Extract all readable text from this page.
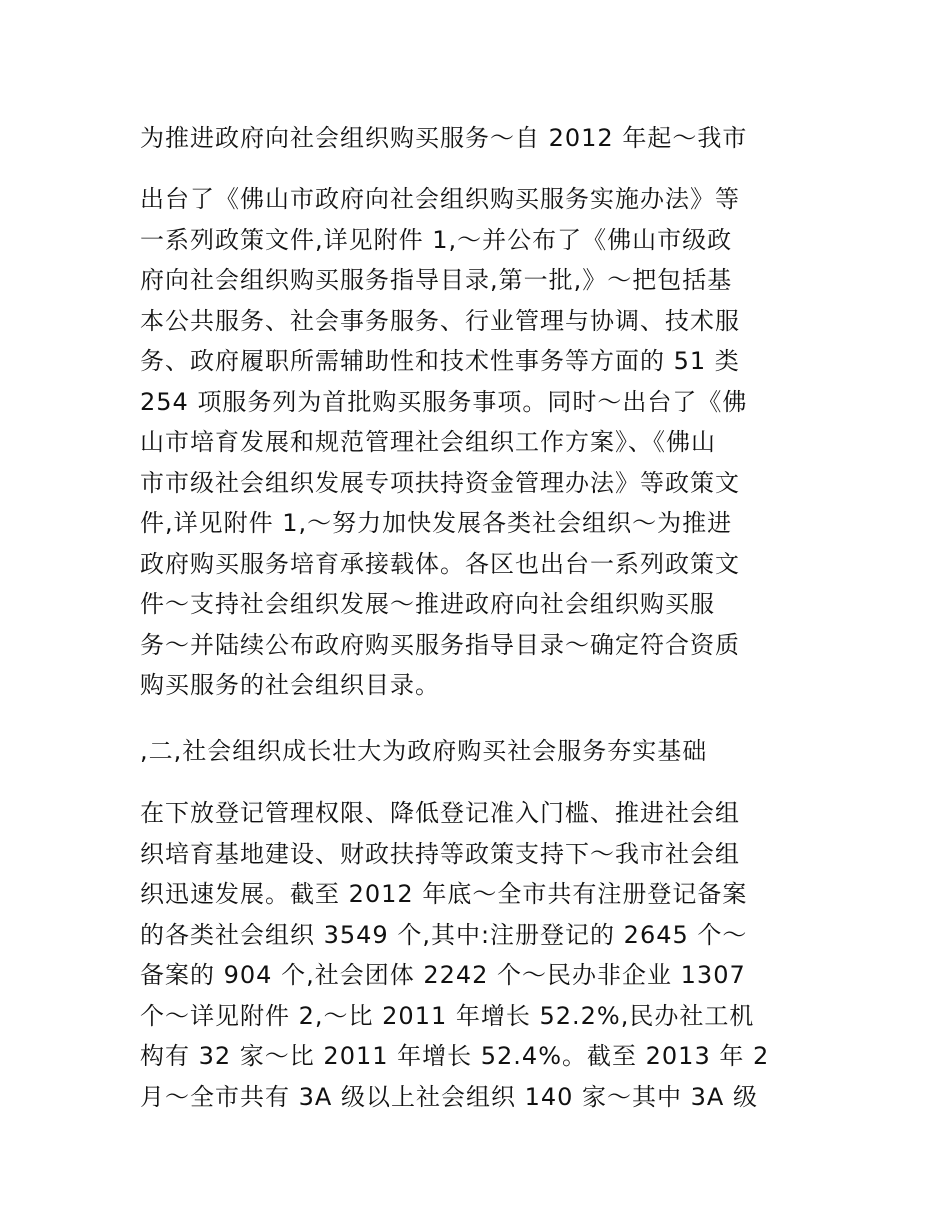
为推进政府向社会组织购买服务～自 2012 年起～我市
出台了《佛山市政府向社会组织购买服务实施办法》等
一系列政策文件,详见附件 1,～并公布了《佛山市级政
府向社会组织购买服务指导目录,第一批,》～把包括基
本公共服务、社会事务服务、行业管理与协调、技术服
务、政府履职所需辅助性和技术性事务等方面的 51 类
254 项服务列为首批购买服务事项。同时～出台了《佛
山市培育发展和规范管理社会组织工作方案》、《佛山
市市级社会组织发展专项扶持资金管理办法》等政策文
件,详见附件 1,～努力加快发展各类社会组织～为推进
政府购买服务培育承接载体。各区也出台一系列政策文
件～支持社会组织发展～推进政府向社会组织购买服
务～并陆续公布政府购买服务指导目录～确定符合资质
购买服务的社会组织目录。
,二,社会组织成长壮大为政府购买社会服务夯实基础
在下放登记管理权限、降低登记准入门槛、推进社会组
织培育基地建设、财政扶持等政策支持下～我市社会组
织迅速发展。截至 2012 年底～全市共有注册登记备案
的各类社会组织 3549 个,其中:注册登记的 2645 个～
备案的 904 个,社会团体 2242 个～民办非企业 1307
个～详见附件 2,～比 2011 年增长 52.2%,民办社工机
构有 32 家～比 2011 年增长 52.4%。截至 2013 年 2
月～全市共有 3A 级以上社会组织 140 家～其中 3A 级
